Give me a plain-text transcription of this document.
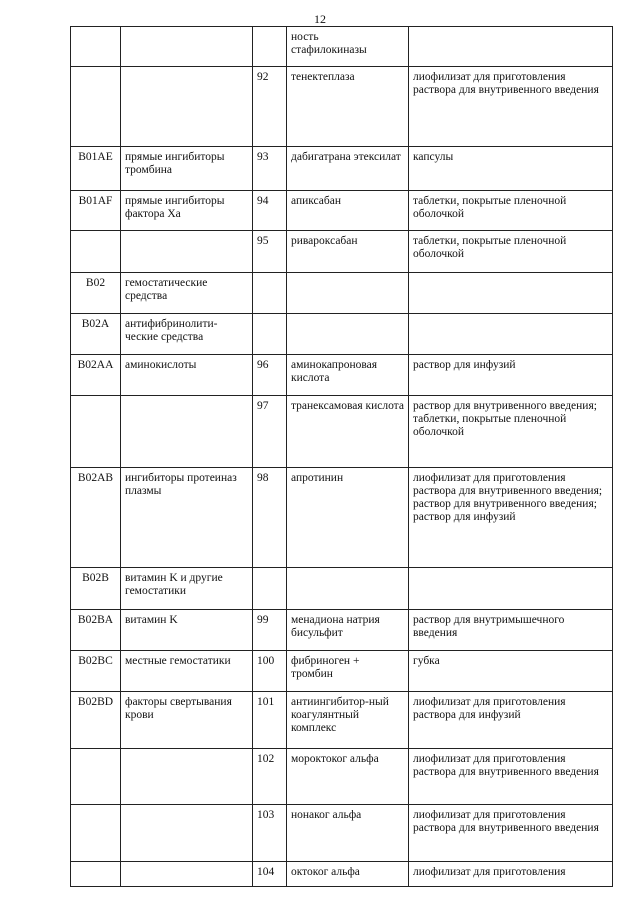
12
			ность
стафилокиназы	
		92	тенектеплаза	лиофилизат для приготовления раствора для внутривенного введения
B01AE	прямые ингибиторы тромбина	93	дабигатрана этексилат	капсулы
B01AF	прямые ингибиторы фактора Xa	94	апиксабан	таблетки, покрытые пленочной оболочкой
		95	ривароксабан	таблетки, покрытые пленочной оболочкой
B02	гемостатические средства			
B02A	антифибринолити-ческие средства			
B02AA	аминокислоты	96	аминокапроновая кислота	раствор для инфузий
		97	транексамовая кислота	раствор для внутривенного введения;
таблетки, покрытые пленочной оболочкой
B02AB	ингибиторы протеиназ плазмы	98	апротинин	лиофилизат для приготовления раствора для внутривенного введения;
раствор для внутривенного введения;
раствор для инфузий
B02B	витамин K и другие гемостатики			
B02BA	витамин K	99	менадиона натрия бисульфит	раствор для внутримышечного введения
B02BC	местные гемостатики	100	фибриноген + тромбин	губка
B02BD	факторы свертывания крови	101	антиингибитор-ный коагулянтный комплекс	лиофилизат для приготовления раствора для инфузий
		102	мороктоког альфа	лиофилизат для приготовления раствора для внутривенного введения
		103	нонаког альфа	лиофилизат для приготовления раствора для внутривенного введения
		104	октоког альфа	лиофилизат для приготовления
